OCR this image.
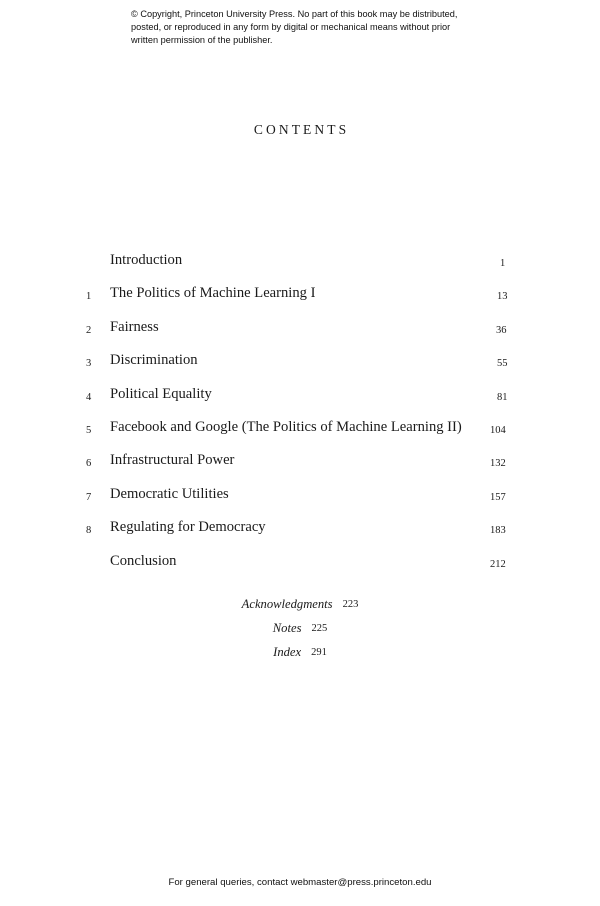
© Copyright, Princeton University Press. No part of this book may be distributed, posted, or reproduced in any form by digital or mechanical means without prior written permission of the publisher.
CONTENTS
Introduction	1
1	The Politics of Machine Learning I	13
2	Fairness	36
3	Discrimination	55
4	Political Equality	81
5	Facebook and Google (The Politics of Machine Learning II)	104
6	Infrastructural Power	132
7	Democratic Utilities	157
8	Regulating for Democracy	183
Conclusion	212
Acknowledgments 223
Notes 225
Index 291
For general queries, contact webmaster@press.princeton.edu
